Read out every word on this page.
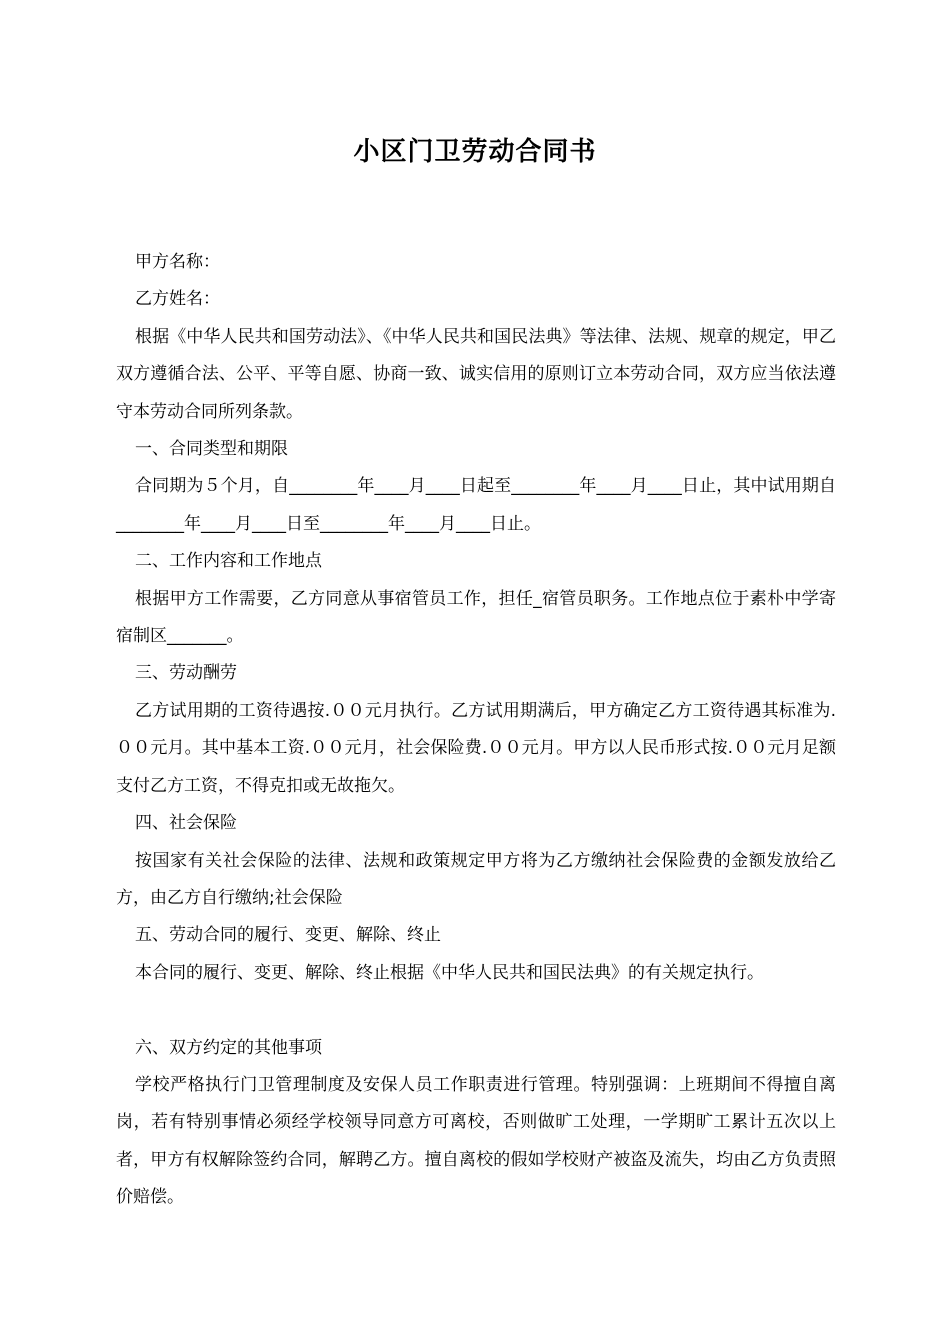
小区门卫劳动合同书

甲方名称：

乙方姓名：

根据《中华人民共和国劳动法》、《中华人民共和国民法典》等法律、法规、规章的规定，甲乙双方遵循合法、公平、平等自愿、协商一致、诚实信用的原则订立本劳动合同，双方应当依法遵守本劳动合同所列条款。

一、合同类型和期限

合同期为５个月，自________年____月____日起至________年____月____日止，其中试用期自________年____月____日至________年____月____日止。

二、工作内容和工作地点

根据甲方工作需要，乙方同意从事宿管员工作，担任_宿管员职务。工作地点位于素朴中学寄宿制区_______。

三、劳动酬劳

乙方试用期的工资待遇按.００元月执行。乙方试用期满后，甲方确定乙方工资待遇其标准为.００元月。其中基本工资.００元月，社会保险费.００元月。甲方以人民币形式按.００元月足额支付乙方工资，不得克扣或无故拖欠。

四、社会保险

按国家有关社会保险的法律、法规和政策规定甲方将为乙方缴纳社会保险费的金额发放给乙方，由乙方自行缴纳;社会保险

五、劳动合同的履行、变更、解除、终止

本合同的履行、变更、解除、终止根据《中华人民共和国民法典》的有关规定执行。

六、双方约定的其他事项

学校严格执行门卫管理制度及安保人员工作职责进行管理。特别强调：上班期间不得擅自离岗，若有特别事情必须经学校领导同意方可离校，否则做旷工处理，一学期旷工累计五次以上者，甲方有权解除签约合同，解聘乙方。擅自离校的假如学校财产被盗及流失，均由乙方负责照价赔偿。
